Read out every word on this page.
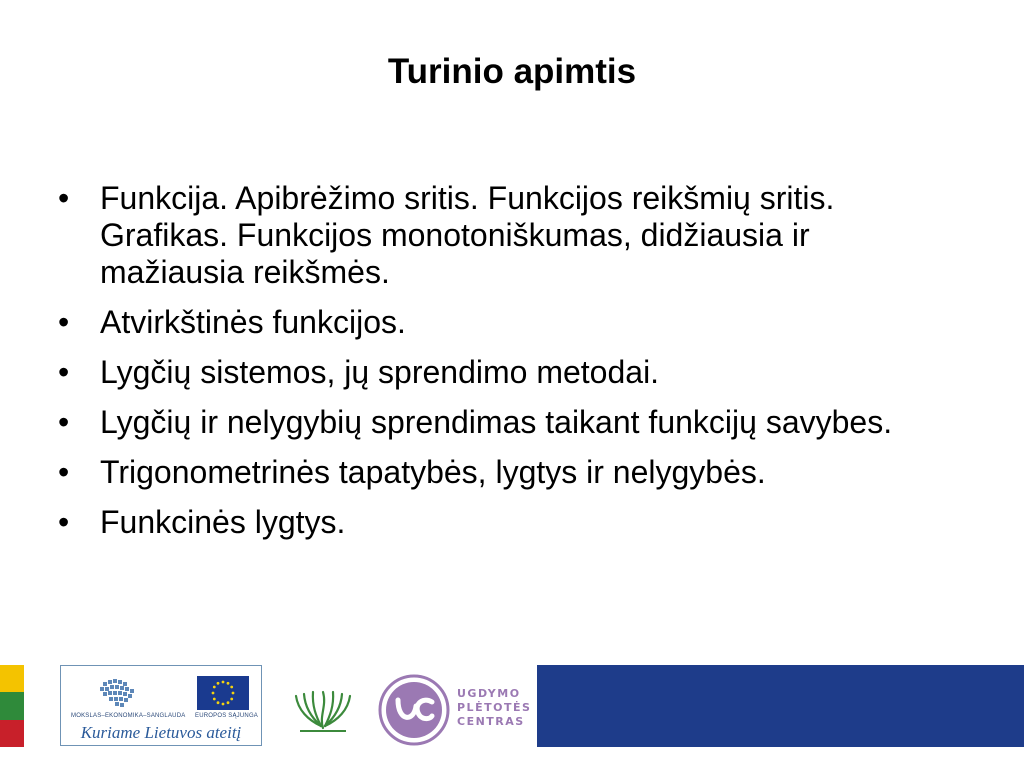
Turinio apimtis
• Funkcija. Apibrėžimo sritis. Funkcijos reikšmių sritis. Grafikas. Funkcijos monotoniškumas, didžiausia ir mažiausia reikšmės.
• Atvirkštinės funkcijos.
• Lygčių sistemos, jų sprendimo metodai.
• Lygčių ir nelygybių sprendimas taikant funkcijų savybes.
• Trigonometrinės tapatybės, lygtys ir nelygybės.
• Funkcinės lygtys.
MOKSLAS–EKONOMIKA–SANGLAUDA EUROPOS SĄJUNGA
Kuriame Lietuvos ateitį
UGDYMO
PLĖTOTĖS
CENTRAS
